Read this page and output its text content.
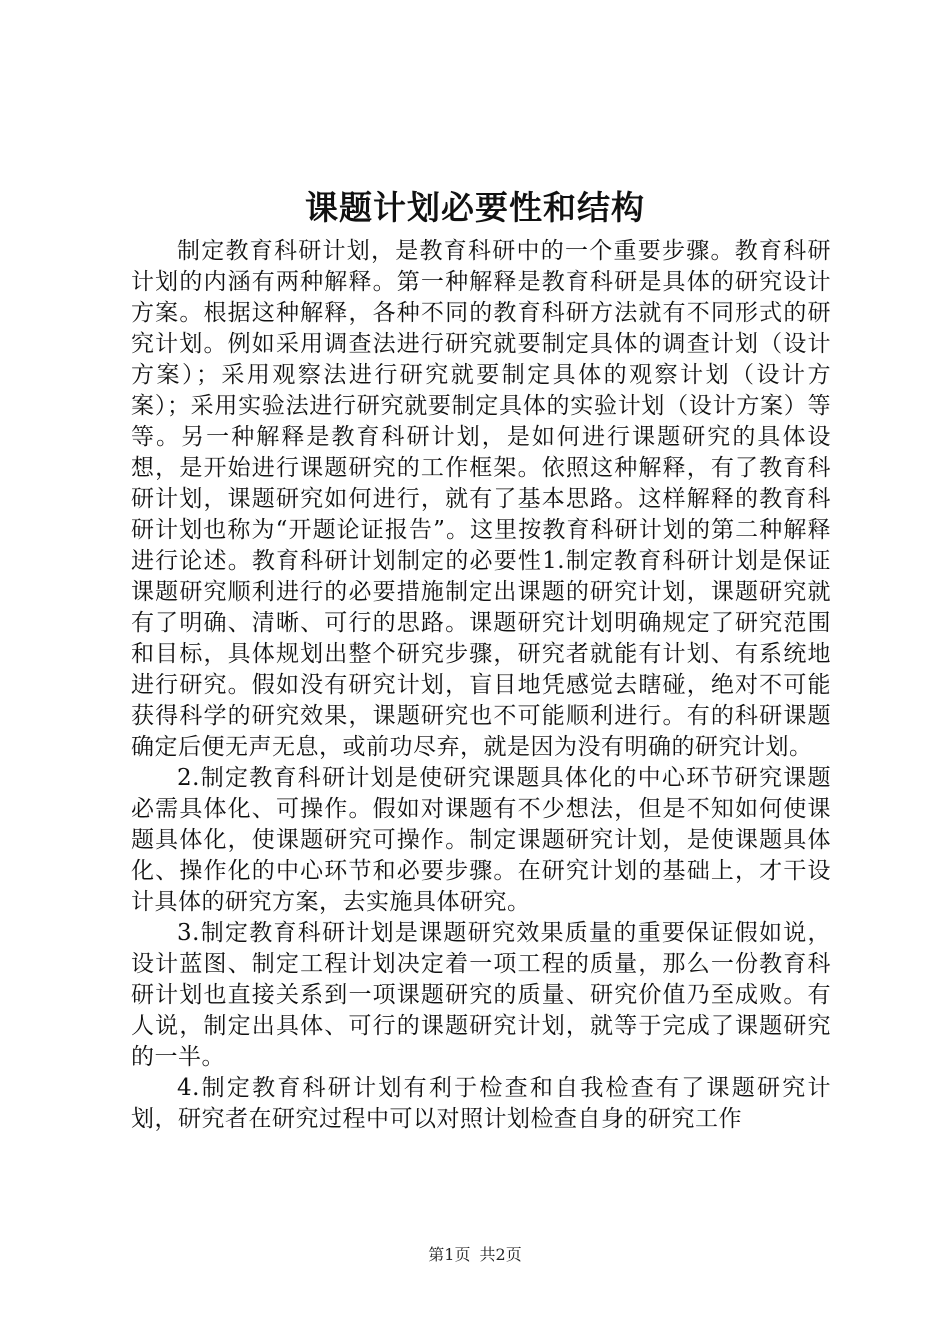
课题计划必要性和结构

制定教育科研计划，是教育科研中的一个重要步骤。教育科研计划的内涵有两种解释。第一种解释是教育科研是具体的研究设计方案。根据这种解释，各种不同的教育科研方法就有不同形式的研究计划。例如采用调查法进行研究就要制定具体的调查计划（设计方案）；采用观察法进行研究就要制定具体的观察计划（设计方案）；采用实验法进行研究就要制定具体的实验计划（设计方案）等等。另一种解释是教育科研计划，是如何进行课题研究的具体设想，是开始进行课题研究的工作框架。依照这种解释，有了教育科研计划，课题研究如何进行，就有了基本思路。这样解释的教育科研计划也称为“开题论证报告”。这里按教育科研计划的第二种解释进行论述。教育科研计划制定的必要性1.制定教育科研计划是保证课题研究顺利进行的必要措施制定出课题的研究计划，课题研究就有了明确、清晰、可行的思路。课题研究计划明确规定了研究范围和目标，具体规划出整个研究步骤，研究者就能有计划、有系统地进行研究。假如没有研究计划，盲目地凭感觉去瞎碰，绝对不可能获得科学的研究效果，课题研究也不可能顺利进行。有的科研课题确定后便无声无息，或前功尽弃，就是因为没有明确的研究计划。

2.制定教育科研计划是使研究课题具体化的中心环节研究课题必需具体化、可操作。假如对课题有不少想法，但是不知如何使课题具体化，使课题研究可操作。制定课题研究计划，是使课题具体化、操作化的中心环节和必要步骤。在研究计划的基础上，才干设计具体的研究方案，去实施具体研究。

3.制定教育科研计划是课题研究效果质量的重要保证假如说，设计蓝图、制定工程计划决定着一项工程的质量，那么一份教育科研计划也直接关系到一项课题研究的质量、研究价值乃至成败。有人说，制定出具体、可行的课题研究计划，就等于完成了课题研究的一半。

4.制定教育科研计划有利于检查和自我检查有了课题研究计划，研究者在研究过程中可以对照计划检查自身的研究工作

第1页 共2页
